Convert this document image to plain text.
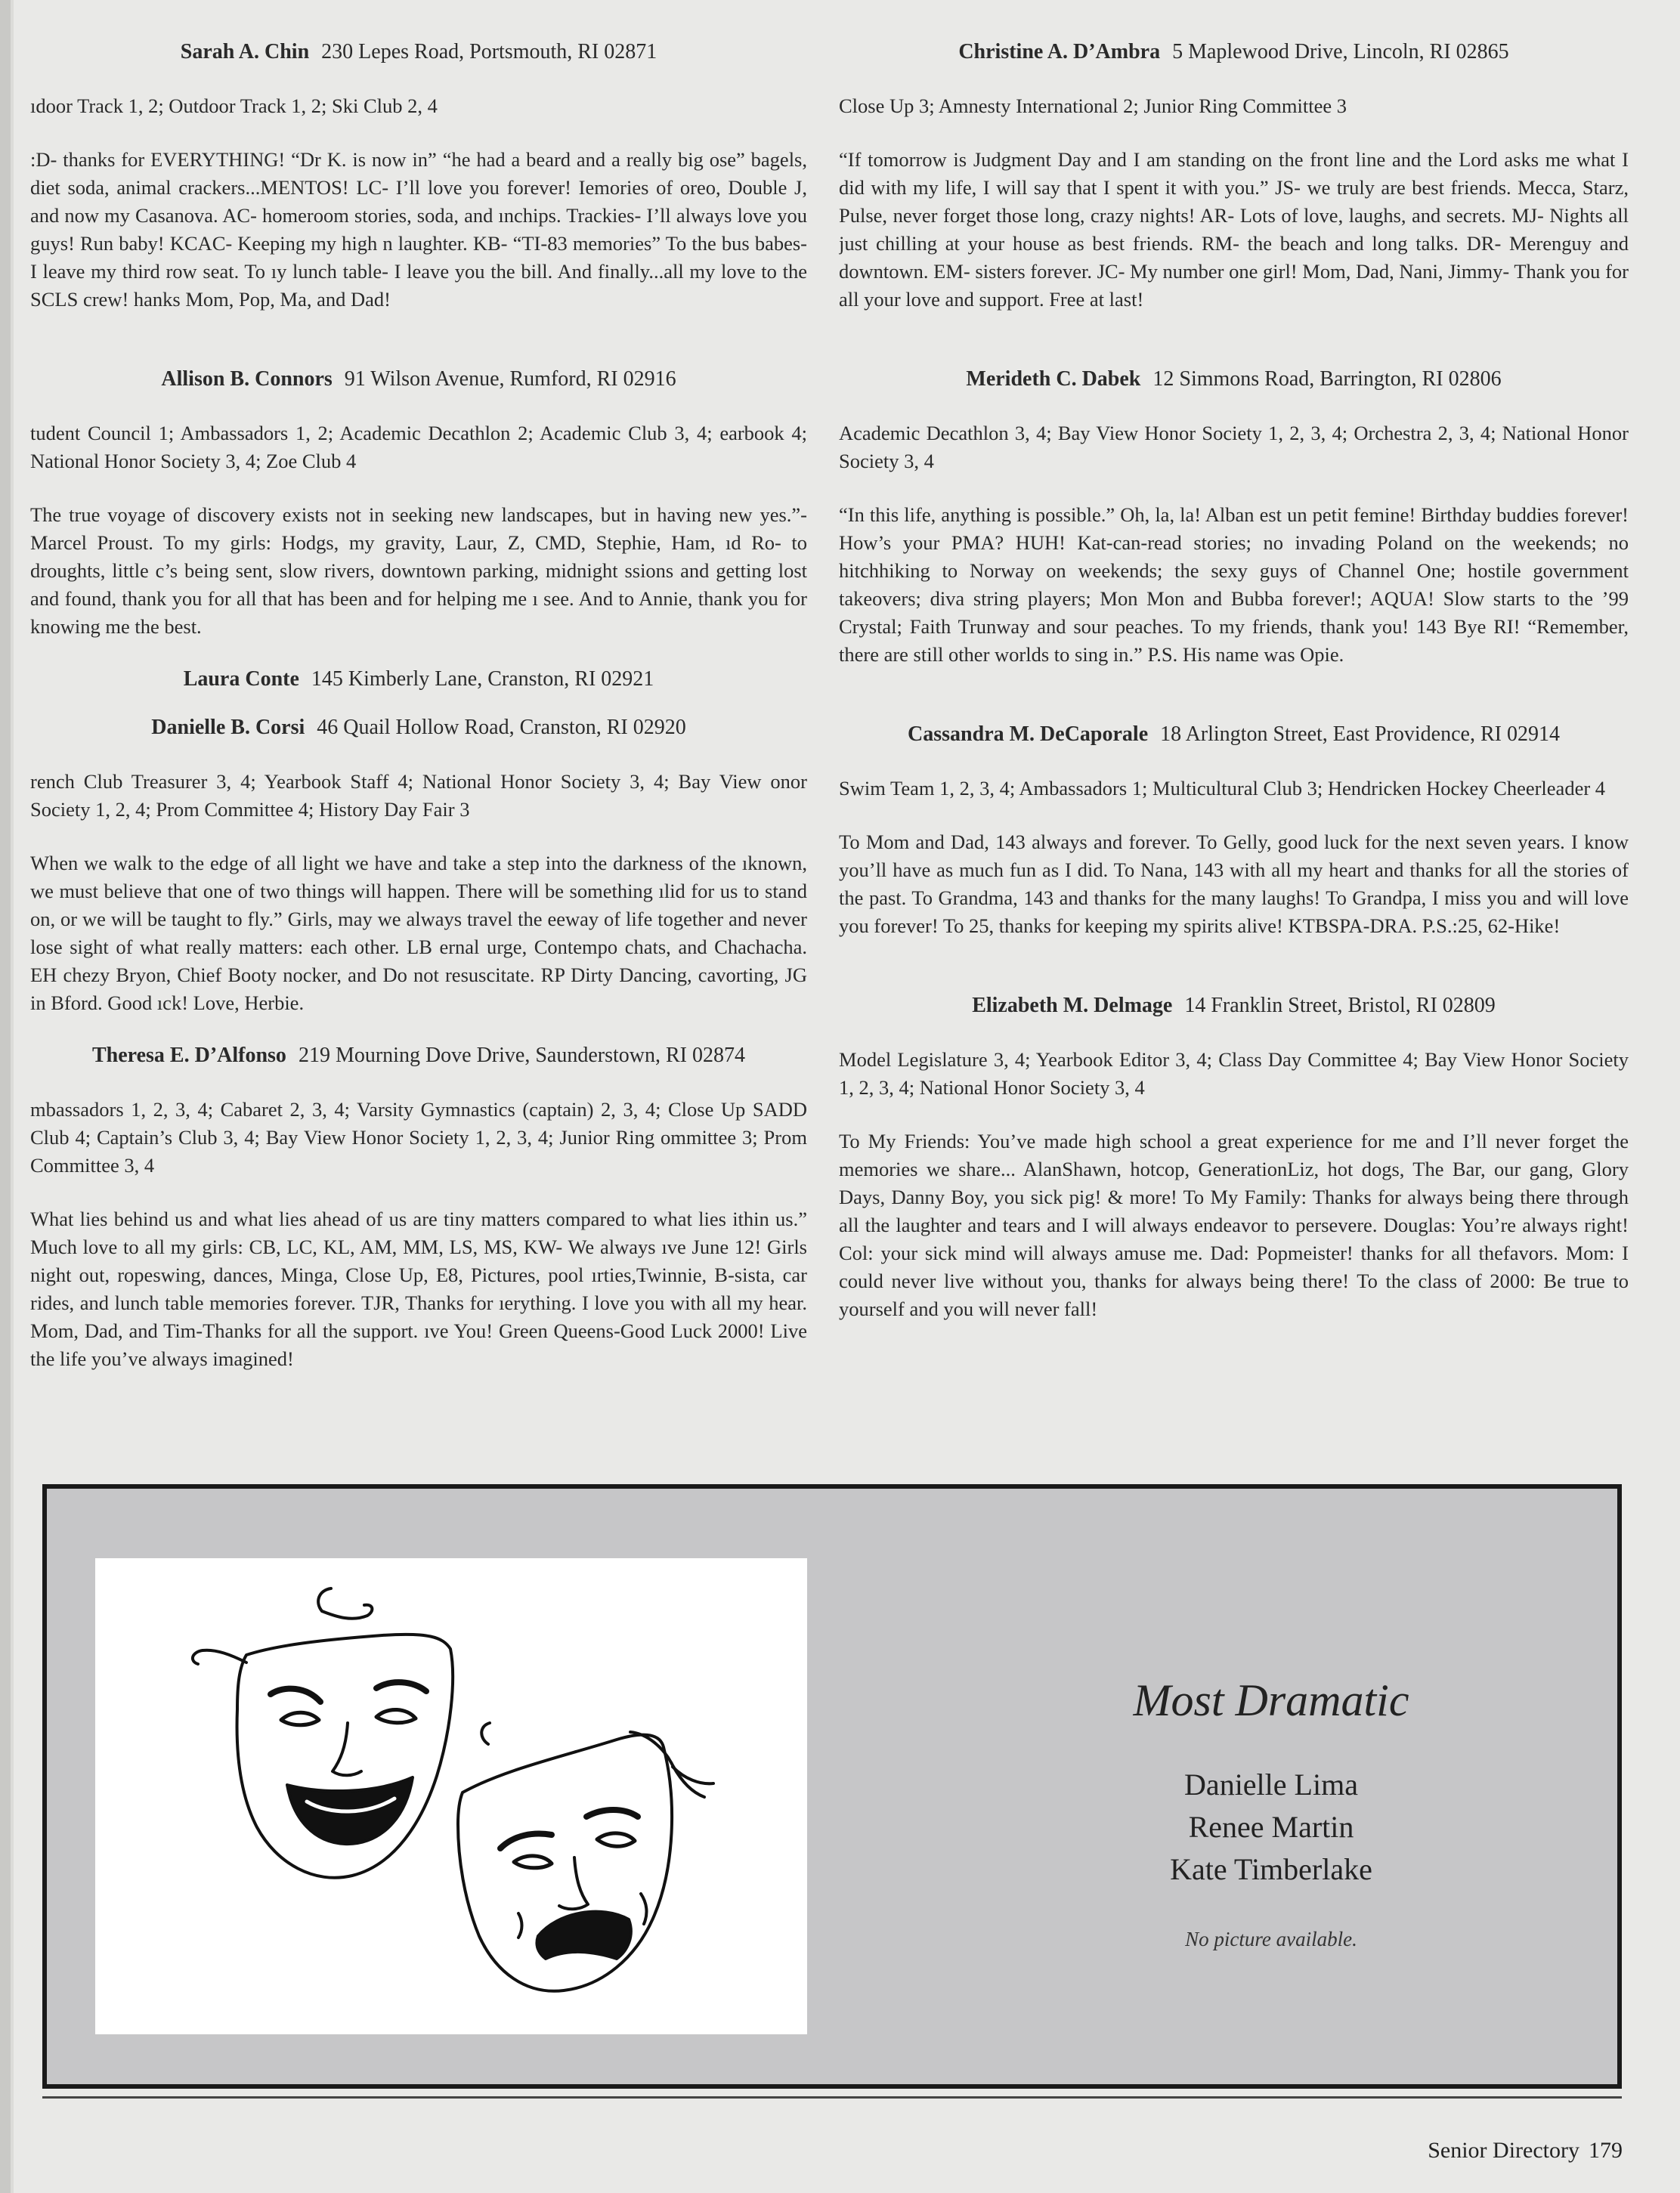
Sarah A. Chin 230 Lepes Road, Portsmouth, RI 02871

ıdoor Track 1, 2; Outdoor Track 1, 2; Ski Club 2, 4

:D- thanks for EVERYTHING! “Dr K. is now in” “he had a beard and a really big ose” bagels, diet soda, animal crackers...MENTOS! LC- I’ll love you forever! Iemories of oreo, Double J, and now my Casanova. AC- homeroom stories, soda, and ınchips. Trackies- I’ll always love you guys! Run baby! KCAC- Keeping my high n laughter. KB- “TI-83 memories” To the bus babes- I leave my third row seat. To ıy lunch table- I leave you the bill. And finally...all my love to the SCLS crew! hanks Mom, Pop, Ma, and Dad!

Allison B. Connors 91 Wilson Avenue, Rumford, RI 02916

tudent Council 1; Ambassadors 1, 2; Academic Decathlon 2; Academic Club 3, 4; earbook 4; National Honor Society 3, 4; Zoe Club 4

The true voyage of discovery exists not in seeking new landscapes, but in having new yes.”-Marcel Proust. To my girls: Hodgs, my gravity, Laur, Z, CMD, Stephie, Ham, ıd Ro- to droughts, little c’s being sent, slow rivers, downtown parking, midnight ssions and getting lost and found, thank you for all that has been and for helping me ı see. And to Annie, thank you for knowing me the best.

Laura Conte 145 Kimberly Lane, Cranston, RI 02921
Danielle B. Corsi 46 Quail Hollow Road, Cranston, RI 02920

rench Club Treasurer 3, 4; Yearbook Staff 4; National Honor Society 3, 4; Bay View onor Society 1, 2, 4; Prom Committee 4; History Day Fair 3

When we walk to the edge of all light we have and take a step into the darkness of the ıknown, we must believe that one of two things will happen. There will be something ılid for us to stand on, or we will be taught to fly.” Girls, may we always travel the eeway of life together and never lose sight of what really matters: each other. LB ernal urge, Contempo chats, and Chachacha. EH chezy Bryon, Chief Booty nocker, and Do not resuscitate. RP Dirty Dancing, cavorting, JG in Bford. Good ıck! Love, Herbie.

Theresa E. D’Alfonso 219 Mourning Dove Drive, Saunderstown, RI 02874

mbassadors 1, 2, 3, 4; Cabaret 2, 3, 4; Varsity Gymnastics (captain) 2, 3, 4; Close Up SADD Club 4; Captain’s Club 3, 4; Bay View Honor Society 1, 2, 3, 4; Junior Ring ommittee 3; Prom Committee 3, 4

What lies behind us and what lies ahead of us are tiny matters compared to what lies ithin us.” Much love to all my girls: CB, LC, KL, AM, MM, LS, MS, KW- We always ıve June 12! Girls night out, ropeswing, dances, Minga, Close Up, E8, Pictures, pool ırties,Twinnie, B-sista, car rides, and lunch table memories forever. TJR, Thanks for ıerything. I love you with all my hear. Mom, Dad, and Tim-Thanks for all the support. ıve You! Green Queens-Good Luck 2000! Live the life you’ve always imagined!

Christine A. D’Ambra 5 Maplewood Drive, Lincoln, RI 02865

Close Up 3; Amnesty International 2; Junior Ring Committee 3

“If tomorrow is Judgment Day and I am standing on the front line and the Lord asks me what I did with my life, I will say that I spent it with you.” JS- we truly are best friends. Mecca, Starz, Pulse, never forget those long, crazy nights! AR- Lots of love, laughs, and secrets. MJ- Nights all just chilling at your house as best friends. RM- the beach and long talks. DR- Merenguy and downtown. EM- sisters forever. JC- My number one girl! Mom, Dad, Nani, Jimmy- Thank you for all your love and support. Free at last!

Merideth C. Dabek 12 Simmons Road, Barrington, RI 02806

Academic Decathlon 3, 4; Bay View Honor Society 1, 2, 3, 4; Orchestra 2, 3, 4; National Honor Society 3, 4

“In this life, anything is possible.” Oh, la, la! Alban est un petit femine! Birthday buddies forever! How’s your PMA? HUH! Kat-can-read stories; no invading Poland on the weekends; no hitchhiking to Norway on weekends; the sexy guys of Channel One; hostile government takeovers; diva string players; Mon Mon and Bubba forever!; AQUA! Slow starts to the ’99 Crystal; Faith Trunway and sour peaches. To my friends, thank you! 143 Bye RI! “Remember, there are still other worlds to sing in.” P.S. His name was Opie.

Cassandra M. DeCaporale 18 Arlington Street, East Providence, RI 02914

Swim Team 1, 2, 3, 4; Ambassadors 1; Multicultural Club 3; Hendricken Hockey Cheerleader 4

To Mom and Dad, 143 always and forever. To Gelly, good luck for the next seven years. I know you’ll have as much fun as I did. To Nana, 143 with all my heart and thanks for all the stories of the past. To Grandma, 143 and thanks for the many laughs! To Grandpa, I miss you and will love you forever! To 25, thanks for keeping my spirits alive! KTBSPA-DRA. P.S.:25, 62-Hike!

Elizabeth M. Delmage 14 Franklin Street, Bristol, RI 02809

Model Legislature 3, 4; Yearbook Editor 3, 4; Class Day Committee 4; Bay View Honor Society 1, 2, 3, 4; National Honor Society 3, 4

To My Friends: You’ve made high school a great experience for me and I’ll never forget the memories we share... AlanShawn, hotcop, GenerationLiz, hot dogs, The Bar, our gang, Glory Days, Danny Boy, you sick pig! & more! To My Family: Thanks for always being there through all the laughter and tears and I will always endeavor to persevere. Douglas: You’re always right! Col: your sick mind will always amuse me. Dad: Popmeister! thanks for all thefavors. Mom: I could never live without you, thanks for always being there! To the class of 2000: Be true to yourself and you will never fall!

Most Dramatic
Danielle Lima
Renee Martin
Kate Timberlake
No picture available.
Senior Directory 179
